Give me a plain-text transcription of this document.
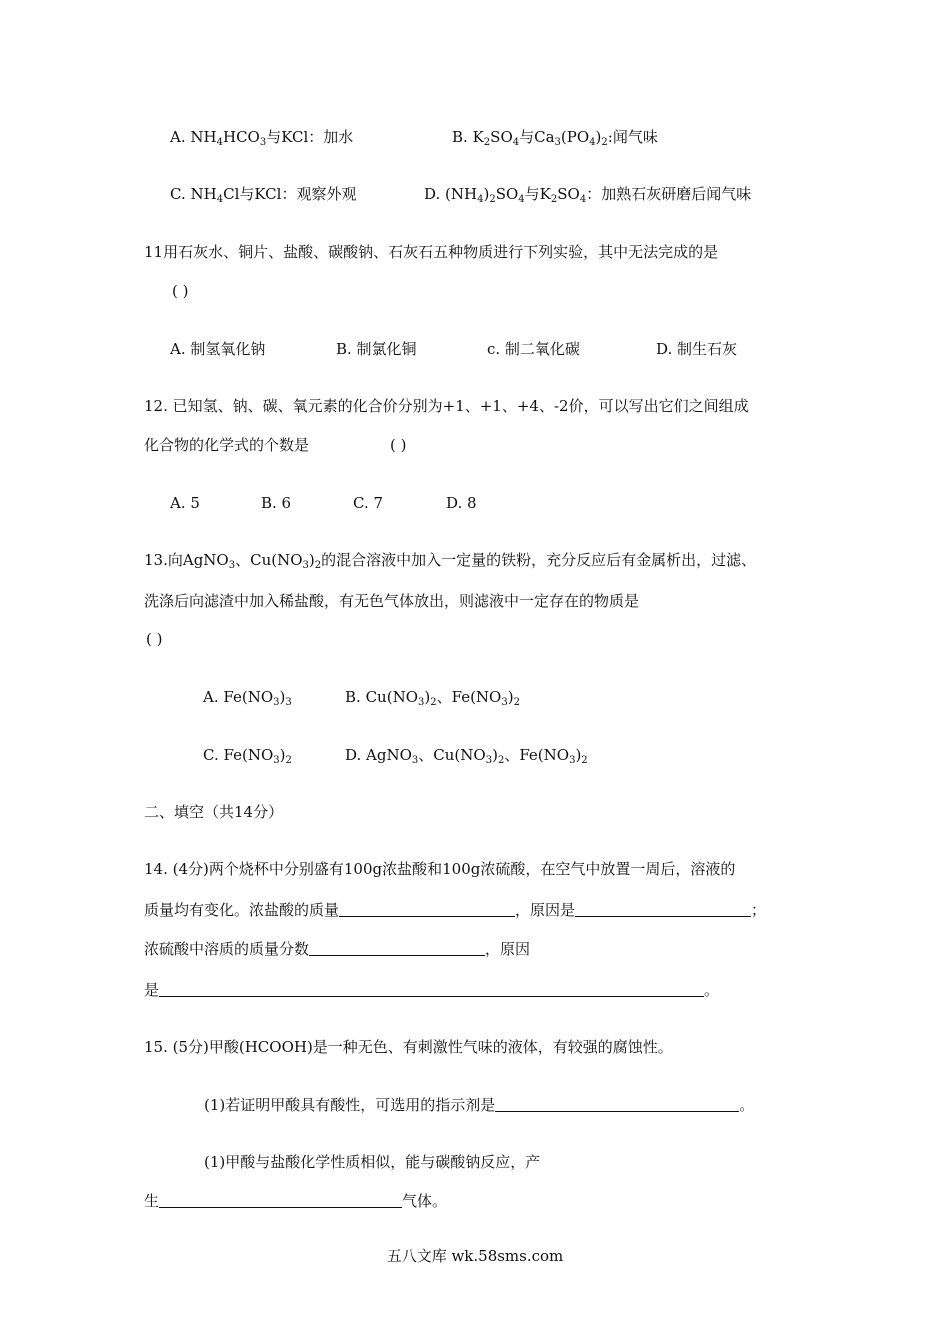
A. $NH_4HCO_3$与KCl：加水	B. $K_2SO_4$与$Ca_3(PO_4)_2$:闻气味
C. $NH_4Cl$与KCl：观察外观	D. $(NH_4)_2SO_4$与$K_2SO_4$：加熟石灰研磨后闻气味
11用石灰水、铜片、盐酸、碳酸钠、石灰石五种物质进行下列实验，其中无法完成的是
( )
A. 制氢氧化钠	B. 制氯化铜	c. 制二氧化碳	D. 制生石灰
12. 已知氢、钠、碳、氧元素的化合价分别为+1、+1、+4、-2价，可以写出它们之间组成
化合物的化学式的个数是	( )
A. 5	B. 6	C. 7	D. 8
13.向AgNO$_3$、$Cu(NO_3)_2$的混合溶液中加入一定量的铁粉，充分反应后有金属析出，过滤、
洗涤后向滤渣中加入稀盐酸，有无色气体放出，则滤液中一定存在的物质是
( )
A. $Fe(NO_3)_3$	B. $Cu(NO_3)_2$、$Fe(NO_3)_2$
C. $Fe(NO_3)_2$	D. AgNO$_3$、$Cu(NO_3)_2$、$Fe(NO_3)_2$
二、填空（共14分）
14. (4分)两个烧杯中分别盛有100g浓盐酸和100g浓硫酸，在空气中放置一周后，溶液的
质量均有变化。浓盐酸的质量	，原因是	；
浓硫酸中溶质的质量分数	，原因
是	。
15. (5分)甲酸(HCOOH)是一种无色、有刺激性气味的液体，有较强的腐蚀性。
(1)若证明甲酸具有酸性，可选用的指示剂是	。
(1)甲酸与盐酸化学性质相似，能与碳酸钠反应，产
生	气体。
五八文库 wk.58sms.com
